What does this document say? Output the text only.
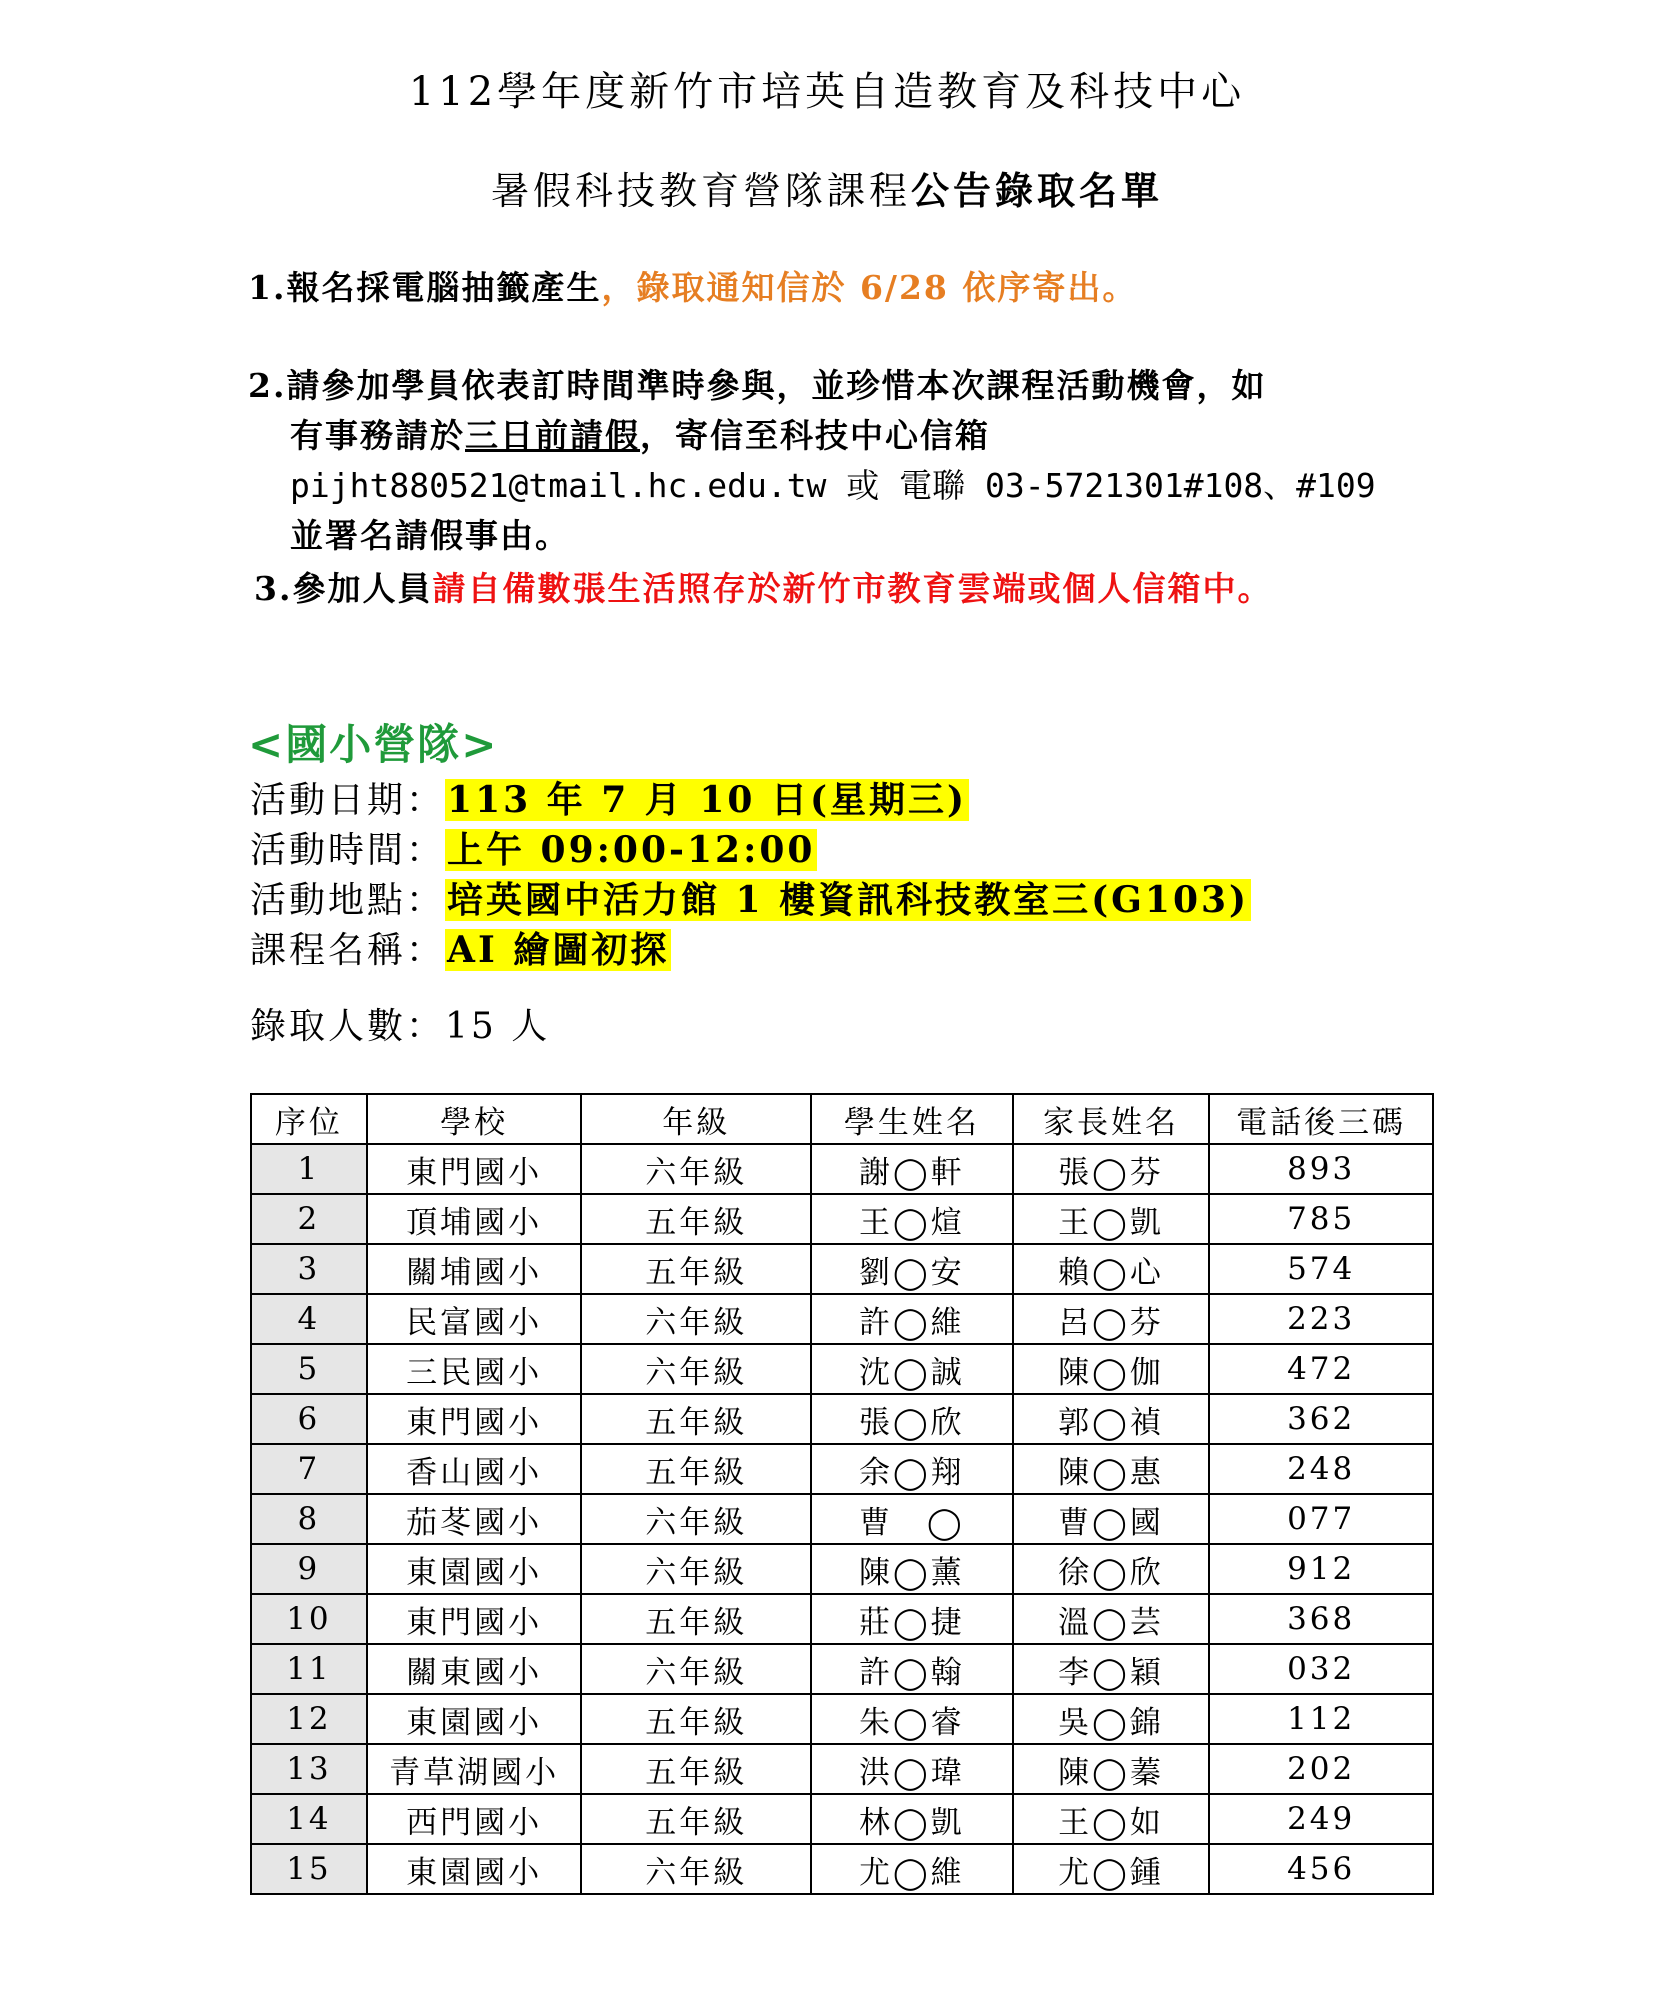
112學年度新竹市培英自造教育及科技中心
暑假科技教育營隊課程公告錄取名單
1.報名採電腦抽籤產生，錄取通知信於 6/28 依序寄出。
2.請參加學員依表訂時間準時參與，並珍惜本次課程活動機會，如
有事務請於三日前請假，寄信至科技中心信箱
pijht880521@tmail.hc.edu.tw 或 電聯 03-5721301#108、#109
並署名請假事由。
3.參加人員請自備數張生活照存於新竹市教育雲端或個人信箱中。
<國小營隊>
活動日期：113 年 7 月 10 日(星期三)
活動時間：上午 09:00-12:00
活動地點：培英國中活力館 1 樓資訊科技教室三(G103)
課程名稱：AI 繪圖初探
錄取人數：15 人
序位	學校	年級	學生姓名	家長姓名	電話後三碼
1	東門國小	六年級	謝◯軒	張◯芬	893
2	頂埔國小	五年級	王◯煊	王◯凱	785
3	關埔國小	五年級	劉◯安	賴◯心	574
4	民富國小	六年級	許◯維	呂◯芬	223
5	三民國小	六年級	沈◯誠	陳◯伽	472
6	東門國小	五年級	張◯欣	郭◯禎	362
7	香山國小	五年級	余◯翔	陳◯惠	248
8	茄苳國小	六年級	曹　◯	曹◯國	077
9	東園國小	六年級	陳◯薰	徐◯欣	912
10	東門國小	五年級	莊◯捷	溫◯芸	368
11	關東國小	六年級	許◯翰	李◯穎	032
12	東園國小	五年級	朱◯睿	吳◯錦	112
13	青草湖國小	五年級	洪◯瑋	陳◯蓁	202
14	西門國小	五年級	林◯凱	王◯如	249
15	東園國小	六年級	尤◯維	尤◯鍾	456
